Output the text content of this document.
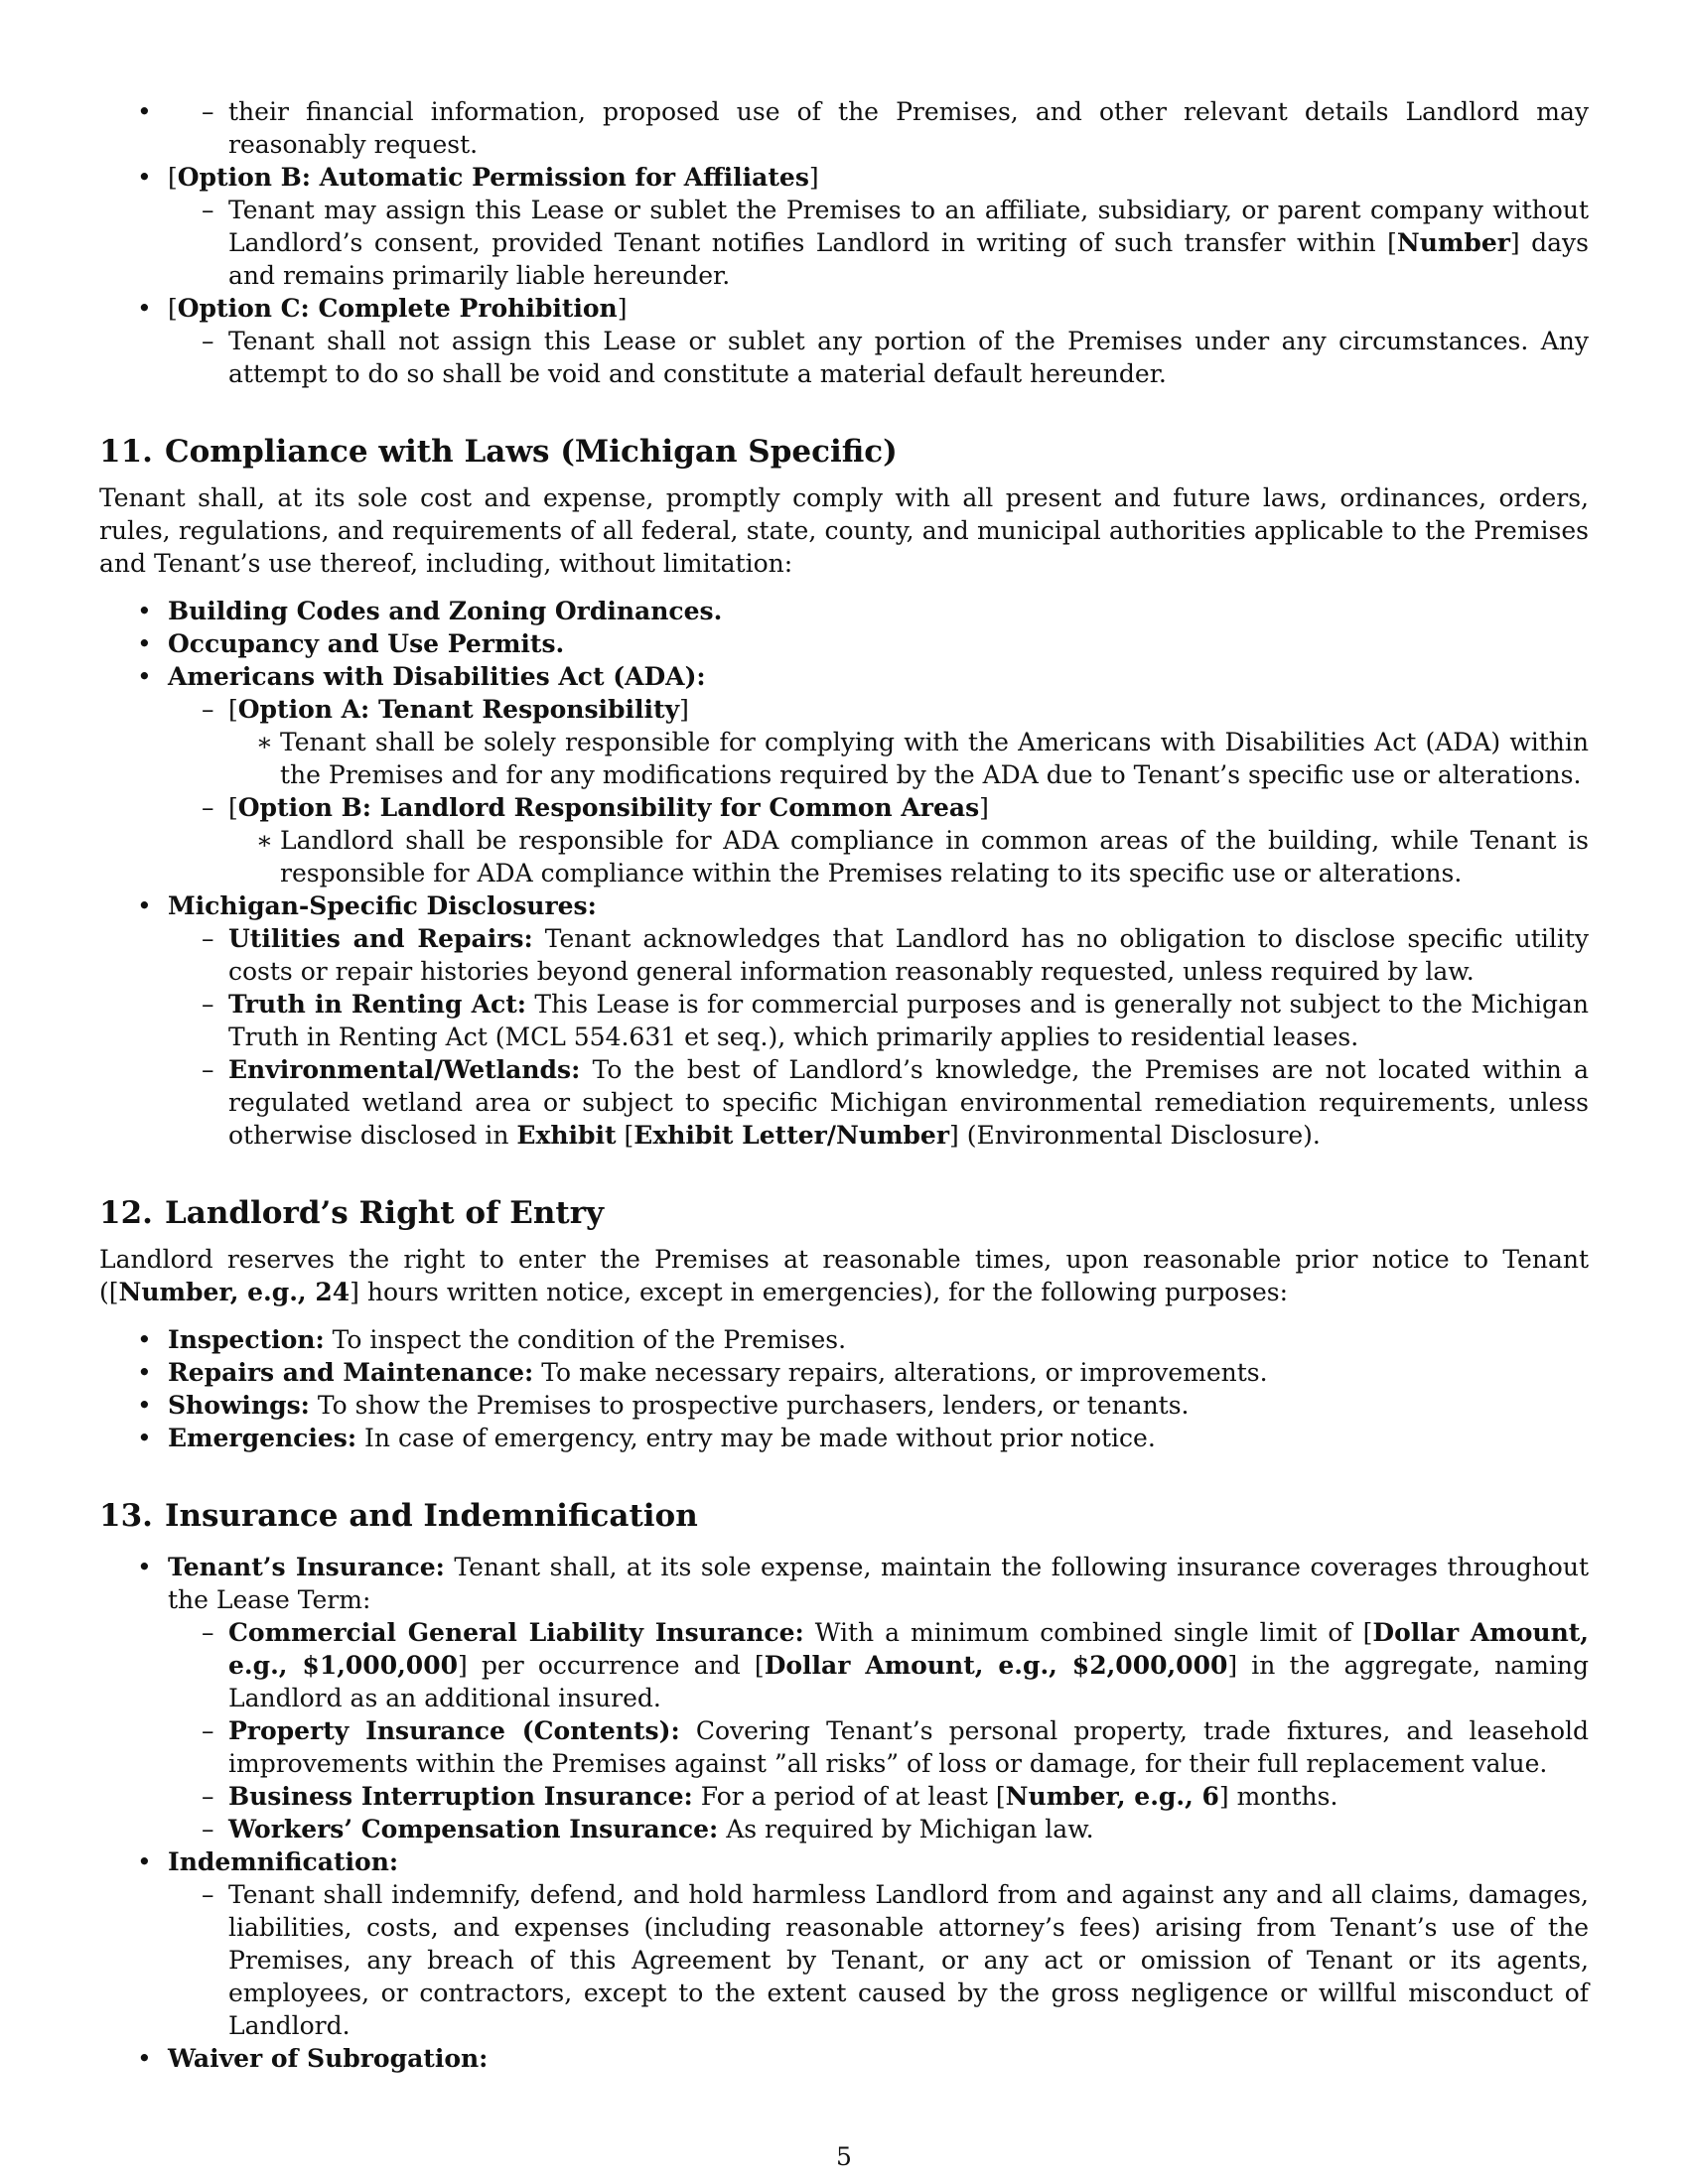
– • their financial information, proposed use of the Premises, and other relevant details Landlord may reasonably request.
• [Option B: Automatic Permission for Affiliates]
– Tenant may assign this Lease or sublet the Premises to an affiliate, subsidiary, or parent company without Landlord’s consent, provided Tenant notifies Landlord in writing of such transfer within [Number] days and remains primarily liable hereunder.
• [Option C: Complete Prohibition]
– Tenant shall not assign this Lease or sublet any portion of the Premises under any circumstances. Any attempt to do so shall be void and constitute a material default hereunder.
11. Compliance with Laws (Michigan Specific)

Tenant shall, at its sole cost and expense, promptly comply with all present and future laws, ordinances, orders, rules, regulations, and requirements of all federal, state, county, and municipal authorities applicable to the Premises and Tenant’s use thereof, including, without limitation:

• Building Codes and Zoning Ordinances.
• Occupancy and Use Permits.
• Americans with Disabilities Act (ADA):
– [Option A: Tenant Responsibility]
∗ Tenant shall be solely responsible for complying with the Americans with Disabilities Act (ADA) within the Premises and for any modifications required by the ADA due to Tenant’s specific use or alterations.
– [Option B: Landlord Responsibility for Common Areas]
∗ Landlord shall be responsible for ADA compliance in common areas of the building, while Tenant is responsible for ADA compliance within the Premises relating to its specific use or alterations.
• Michigan-Specific Disclosures:
– Utilities and Repairs: Tenant acknowledges that Landlord has no obligation to disclose specific utility costs or repair histories beyond general information reasonably requested, unless required by law.
– Truth in Renting Act: This Lease is for commercial purposes and is generally not subject to the Michigan Truth in Renting Act (MCL 554.631 et seq.), which primarily applies to residential leases.
– Environmental/Wetlands: To the best of Landlord’s knowledge, the Premises are not located within a regulated wetland area or subject to specific Michigan environmental remediation requirements, unless otherwise disclosed in Exhibit [Exhibit Letter/Number] (Environmental Disclosure).
12. Landlord’s Right of Entry

Landlord reserves the right to enter the Premises at reasonable times, upon reasonable prior notice to Tenant ([Number, e.g., 24] hours written notice, except in emergencies), for the following purposes:

• Inspection: To inspect the condition of the Premises.
• Repairs and Maintenance: To make necessary repairs, alterations, or improvements.
• Showings: To show the Premises to prospective purchasers, lenders, or tenants.
• Emergencies: In case of emergency, entry may be made without prior notice.
13. Insurance and Indemnification
• Tenant’s Insurance: Tenant shall, at its sole expense, maintain the following insurance coverages throughout the Lease Term:
– Commercial General Liability Insurance: With a minimum combined single limit of [Dollar Amount, e.g., $1,000,000] per occurrence and [Dollar Amount, e.g., $2,000,000] in the aggregate, naming Landlord as an additional insured.
– Property Insurance (Contents): Covering Tenant’s personal property, trade fixtures, and leasehold improvements within the Premises against ”all risks” of loss or damage, for their full replacement value.
– Business Interruption Insurance: For a period of at least [Number, e.g., 6] months.
– Workers’ Compensation Insurance: As required by Michigan law.
• Indemnification:
– Tenant shall indemnify, defend, and hold harmless Landlord from and against any and all claims, damages, liabilities, costs, and expenses (including reasonable attorney’s fees) arising from Tenant’s use of the Premises, any breach of this Agreement by Tenant, or any act or omission of Tenant or its agents, employees, or contractors, except to the extent caused by the gross negligence or willful misconduct of Landlord.
• Waiver of Subrogation:
5
